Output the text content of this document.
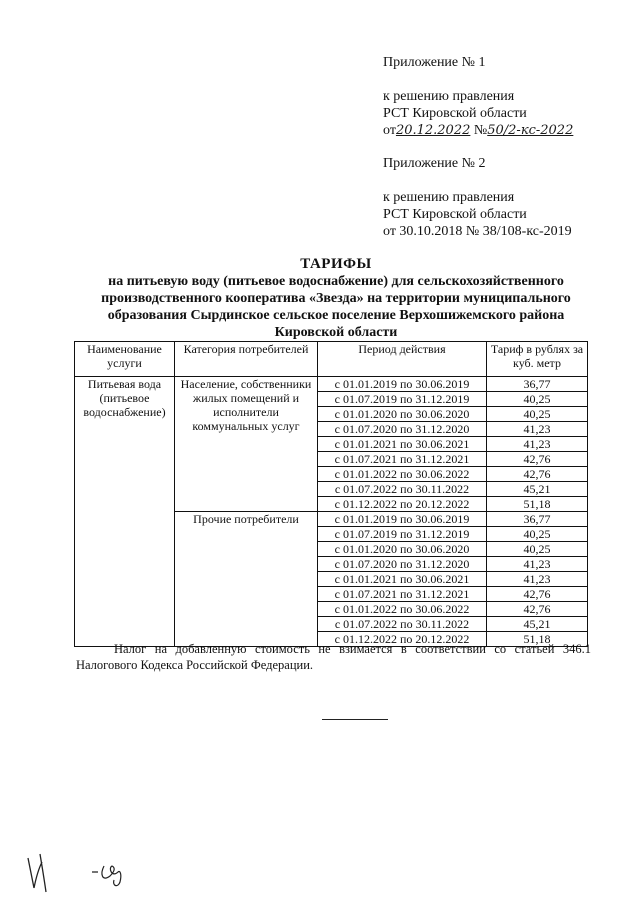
Приложение № 1
к решению правления
РСТ Кировской области
от20.12.2022 №50/2-кс-2022
Приложение № 2
к решению правления
РСТ Кировской области
от 30.10.2018 № 38/108-кс-2019
ТАРИФЫ
на питьевую воду (питьевое водоснабжение) для сельскохозяйственного
производственного кооператива «Звезда» на территории муниципального
образования Сырдинское сельское поселение Верхошижемского района
Кировской области
Наименование услуги	Категория потребителей	Период действия	Тариф в рублях за куб. метр
Питьевая вода (питьевое водоснабжение)	Население, собственники жилых помещений и исполнители коммунальных услуг	с 01.01.2019 по 30.06.2019	36,77
		с 01.07.2019 по 31.12.2019	40,25
		с 01.01.2020 по 30.06.2020	40,25
		с 01.07.2020 по 31.12.2020	41,23
		с 01.01.2021 по 30.06.2021	41,23
		с 01.07.2021 по 31.12.2021	42,76
		с 01.01.2022 по 30.06.2022	42,76
		с 01.07.2022 по 30.11.2022	45,21
		с 01.12.2022 по 20.12.2022	51,18
	Прочие потребители	с 01.01.2019 по 30.06.2019	36,77
		с 01.07.2019 по 31.12.2019	40,25
		с 01.01.2020 по 30.06.2020	40,25
		с 01.07.2020 по 31.12.2020	41,23
		с 01.01.2021 по 30.06.2021	41,23
		с 01.07.2021 по 31.12.2021	42,76
		с 01.01.2022 по 30.06.2022	42,76
		с 01.07.2022 по 30.11.2022	45,21
		с 01.12.2022 по 20.12.2022	51,18
Налог на добавленную стоимость не взимается в соответствии со статьей 346.1
Налогового Кодекса Российской Федерации.
